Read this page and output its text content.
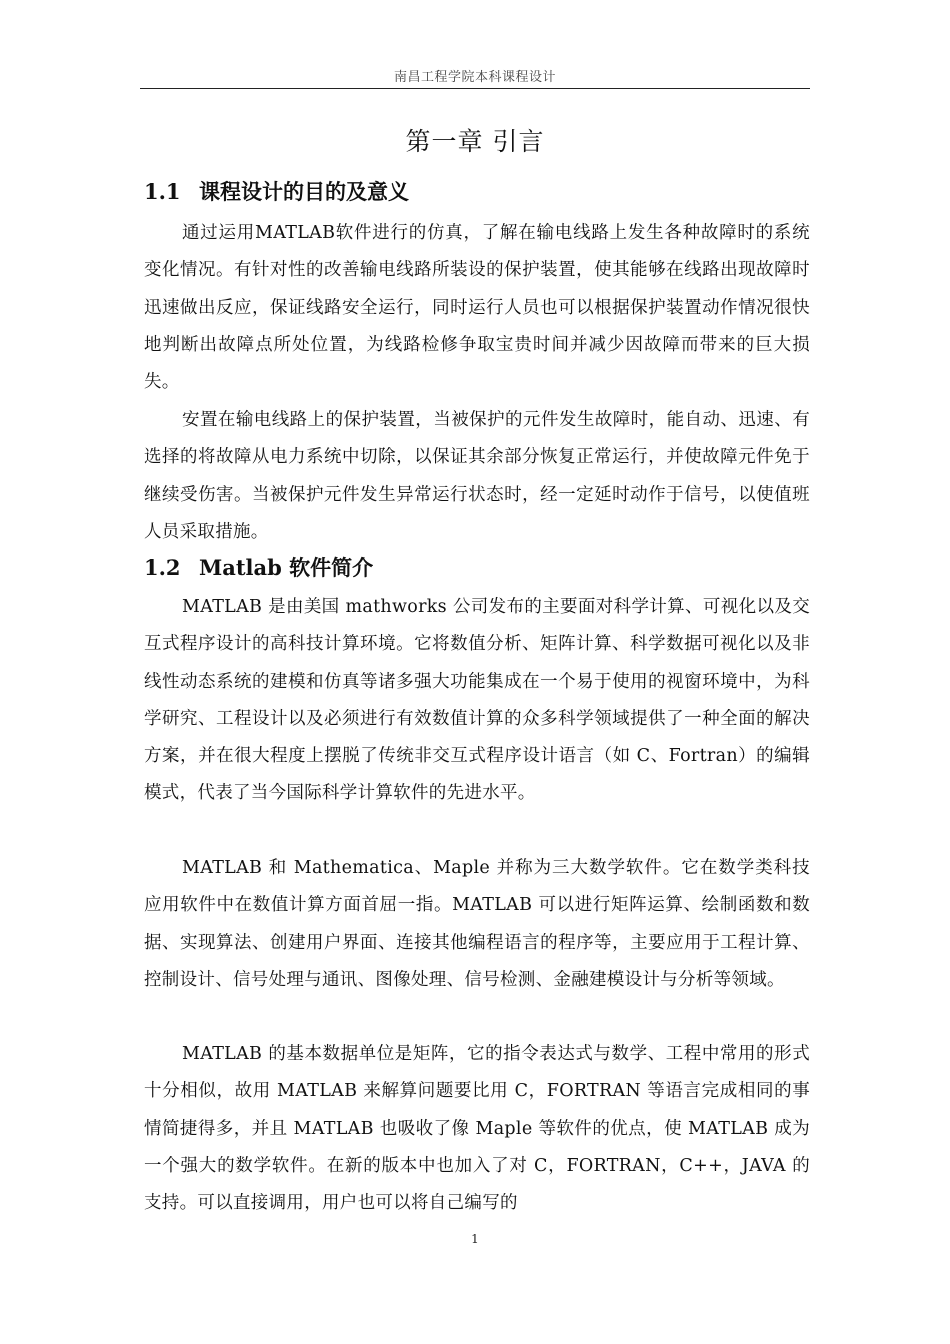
南昌工程学院本科课程设计
第一章 引言
1.1 课程设计的目的及意义

通过运用MATLAB软件进行的仿真，了解在输电线路上发生各种故障时的系统变化情况。有针对性的改善输电线路所装设的保护装置，使其能够在线路出现故障时迅速做出反应，保证线路安全运行，同时运行人员也可以根据保护装置动作情况很快地判断出故障点所处位置，为线路检修争取宝贵时间并减少因故障而带来的巨大损失。

安置在输电线路上的保护装置，当被保护的元件发生故障时，能自动、迅速、有选择的将故障从电力系统中切除，以保证其余部分恢复正常运行，并使故障元件免于继续受伤害。当被保护元件发生异常运行状态时，经一定延时动作于信号，以使值班人员采取措施。

1.2 Matlab 软件简介

MATLAB 是由美国 mathworks 公司发布的主要面对科学计算、可视化以及交互式程序设计的高科技计算环境。它将数值分析、矩阵计算、科学数据可视化以及非线性动态系统的建模和仿真等诸多强大功能集成在一个易于使用的视窗环境中，为科学研究、工程设计以及必须进行有效数值计算的众多科学领域提供了一种全面的解决方案，并在很大程度上摆脱了传统非交互式程序设计语言（如 C、Fortran）的编辑模式，代表了当今国际科学计算软件的先进水平。

MATLAB 和 Mathematica、Maple 并称为三大数学软件。它在数学类科技应用软件中在数值计算方面首屈一指。MATLAB 可以进行矩阵运算、绘制函数和数据、实现算法、创建用户界面、连接其他编程语言的程序等，主要应用于工程计算、控制设计、信号处理与通讯、图像处理、信号检测、金融建模设计与分析等领域。

MATLAB 的基本数据单位是矩阵，它的指令表达式与数学、工程中常用的形式十分相似，故用 MATLAB 来解算问题要比用 C，FORTRAN 等语言完成相同的事情简捷得多，并且 MATLAB 也吸收了像 Maple 等软件的优点，使 MATLAB 成为一个强大的数学软件。在新的版本中也加入了对 C，FORTRAN，C++，JAVA 的支持。可以直接调用，用户也可以将自己编写的

1
